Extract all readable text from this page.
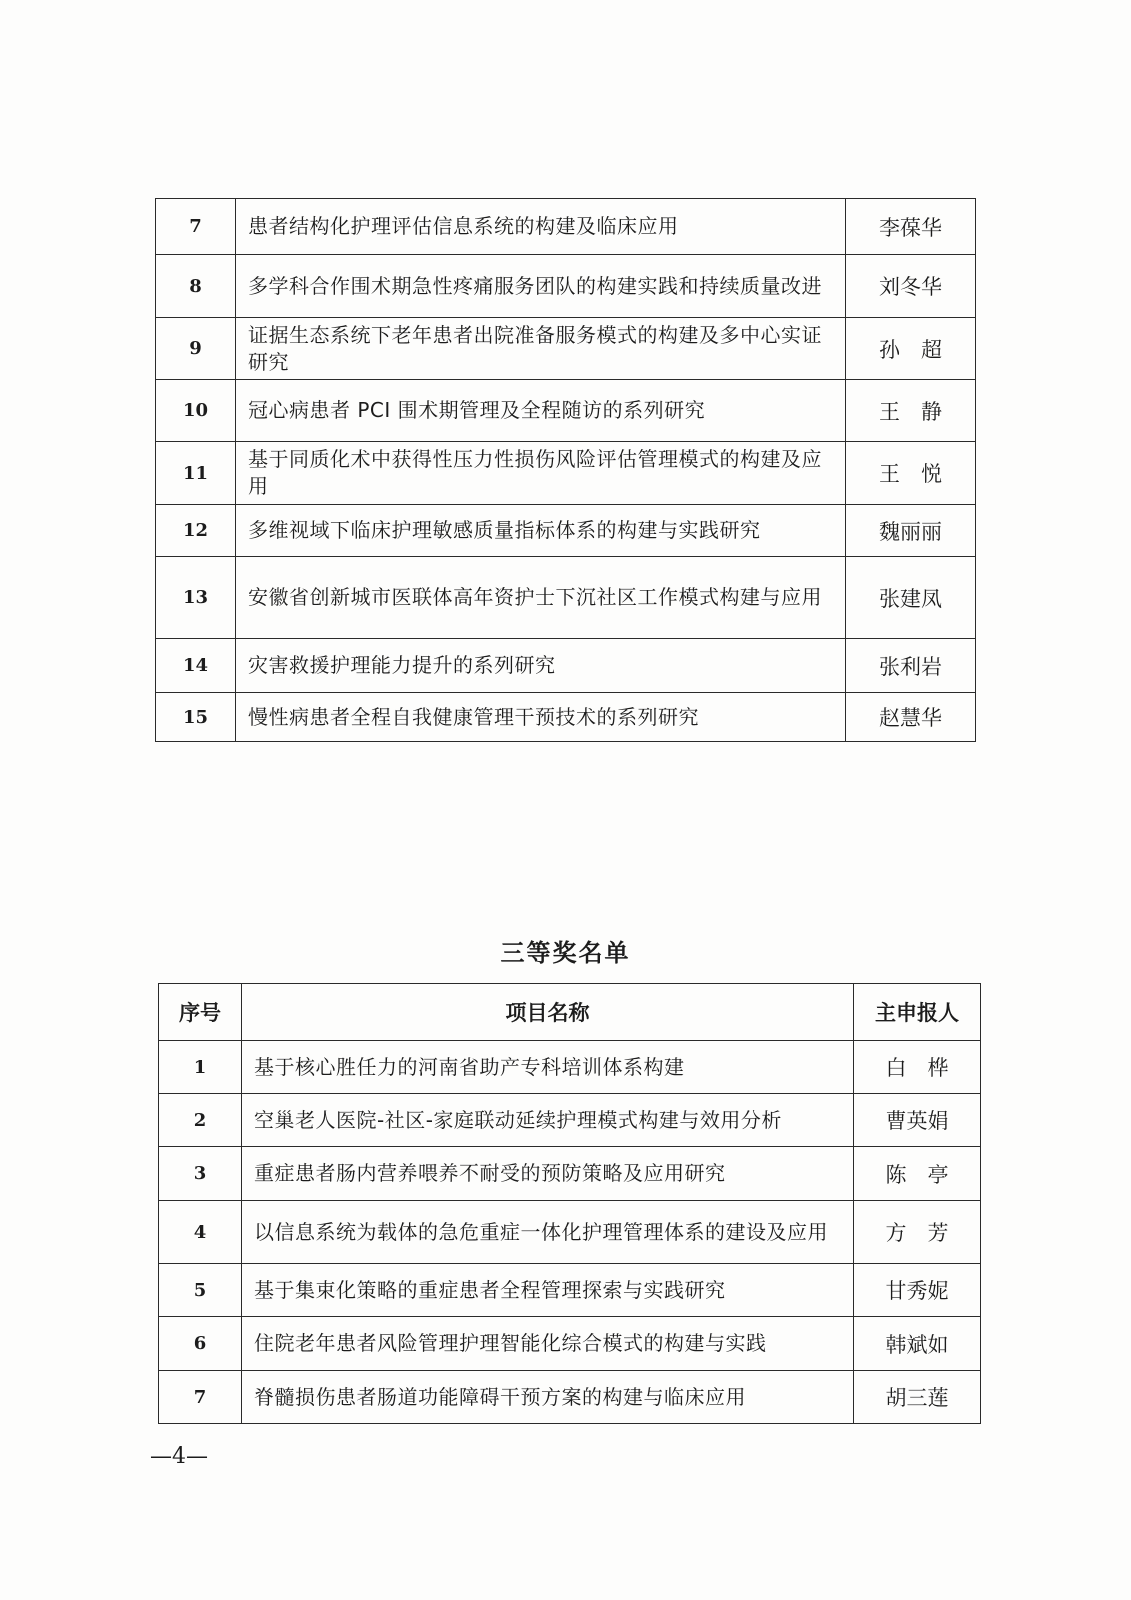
7	患者结构化护理评估信息系统的构建及临床应用	李葆华
8	多学科合作围术期急性疼痛服务团队的构建实践和持续质量改进	刘冬华
9	证据生态系统下老年患者出院准备服务模式的构建及多中心实证研究	孙　超
10	冠心病患者 PCI 围术期管理及全程随访的系列研究	王　静
11	基于同质化术中获得性压力性损伤风险评估管理模式的构建及应用	王　悦
12	多维视域下临床护理敏感质量指标体系的构建与实践研究	魏丽丽
13	安徽省创新城市医联体高年资护士下沉社区工作模式构建与应用	张建凤
14	灾害救援护理能力提升的系列研究	张利岩
15	慢性病患者全程自我健康管理干预技术的系列研究	赵慧华
三等奖名单
序号	项目名称	主申报人
1	基于核心胜任力的河南省助产专科培训体系构建	白　桦
2	空巢老人医院-社区-家庭联动延续护理模式构建与效用分析	曹英娟
3	重症患者肠内营养喂养不耐受的预防策略及应用研究	陈　亭
4	以信息系统为载体的急危重症一体化护理管理体系的建设及应用	方　芳
5	基于集束化策略的重症患者全程管理探索与实践研究	甘秀妮
6	住院老年患者风险管理护理智能化综合模式的构建与实践	韩斌如
7	脊髓损伤患者肠道功能障碍干预方案的构建与临床应用	胡三莲
—4—
